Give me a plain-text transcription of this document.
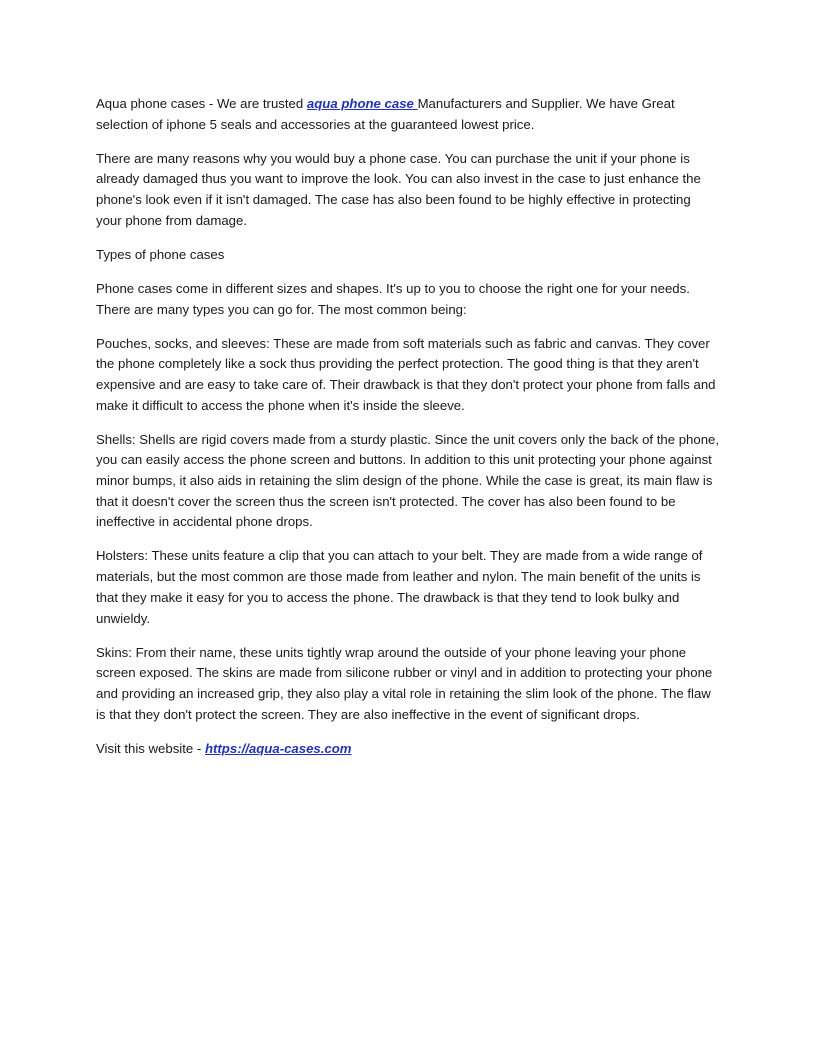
Aqua phone cases - We are trusted aqua phone case Manufacturers and Supplier. We have Great selection of iphone 5 seals and accessories at the guaranteed lowest price.

There are many reasons why you would buy a phone case. You can purchase the unit if your phone is already damaged thus you want to improve the look. You can also invest in the case to just enhance the phone's look even if it isn't damaged. The case has also been found to be highly effective in protecting your phone from damage.

Types of phone cases

Phone cases come in different sizes and shapes. It's up to you to choose the right one for your needs. There are many types you can go for. The most common being:

Pouches, socks, and sleeves: These are made from soft materials such as fabric and canvas. They cover the phone completely like a sock thus providing the perfect protection. The good thing is that they aren't expensive and are easy to take care of. Their drawback is that they don't protect your phone from falls and make it difficult to access the phone when it's inside the sleeve.

Shells: Shells are rigid covers made from a sturdy plastic. Since the unit covers only the back of the phone, you can easily access the phone screen and buttons. In addition to this unit protecting your phone against minor bumps, it also aids in retaining the slim design of the phone. While the case is great, its main flaw is that it doesn't cover the screen thus the screen isn't protected. The cover has also been found to be ineffective in accidental phone drops.

Holsters: These units feature a clip that you can attach to your belt. They are made from a wide range of materials, but the most common are those made from leather and nylon. The main benefit of the units is that they make it easy for you to access the phone. The drawback is that they tend to look bulky and unwieldy.

Skins: From their name, these units tightly wrap around the outside of your phone leaving your phone screen exposed. The skins are made from silicone rubber or vinyl and in addition to protecting your phone and providing an increased grip, they also play a vital role in retaining the slim look of the phone. The flaw is that they don't protect the screen. They are also ineffective in the event of significant drops.

Visit this website - https://aqua-cases.com
